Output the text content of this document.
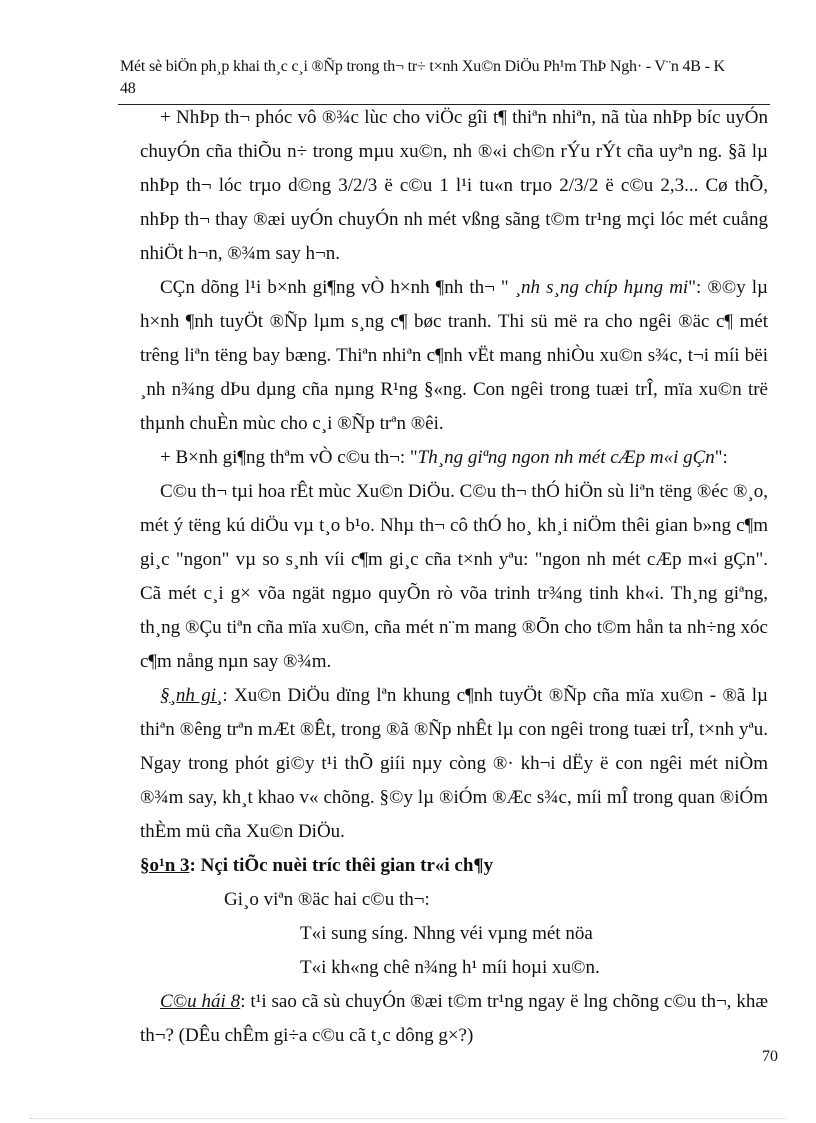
Mét sè biÖn ph¸p khai th¸c c¸i ®Ñp trong th¬ tr÷ t×nh Xu©n DiÖu Ph¹m ThÞ Ngh· - V¨n 4B - K
48

+ NhÞp th¬ phóc vô ®¾c lùc cho viÖc gîi t¶ thiªn nhiªn, nã tùa nhÞp bíc uyÓn chuyÓn cña thiÕu n÷ trong mµu xu©n, nh ®«i ch©n rÝu rÝt cña uyªn ng. §ã lµ nhÞp th¬ lóc trµo d©ng 3/2/3 ë c©u 1 l¹i tu«n trµo 2/3/2 ë c©u 2,3... Cø thÕ, nhÞp th¬ thay ®æi uyÓn chuyÓn nh mét vßng sãng t©m tr¹ng mçi lóc mét cuång nhiÖt h¬n, ®¾m say h¬n.

CÇn dõng l¹i b×nh gi¶ng vÒ h×nh ¶nh th¬ " ¸nh s¸ng chíp hµng mi": ®©y lµ h×nh ¶nh tuyÖt ®Ñp lµm s¸ng c¶ bøc tranh. Thi sü më ra cho ngêi ®äc c¶ mét trêng liªn tëng bay bæng. Thiªn nhiªn c¶nh vËt mang nhiÒu xu©n s¾c, t¬i míi bëi ¸nh n¾ng dÞu dµng cña nµng R¹ng §«ng. Con ngêi trong tuæi trÎ, mïa xu©n trë thµnh chuÈn mùc cho c¸i ®Ñp trªn ®êi.

+ B×nh gi¶ng thªm vÒ c©u th¬: "Th¸ng giªng ngon nh mét cÆp m«i gÇn":

C©u th¬ tµi hoa rÊt mùc Xu©n DiÖu. C©u th¬ thÓ hiÖn sù liªn tëng ®éc ®¸o, mét ý tëng kú diÖu vµ t¸o b¹o. Nhµ th¬ cô thÓ ho¸ kh¸i niÖm thêi gian b»ng c¶m gi¸c "ngon" vµ so s¸nh víi c¶m gi¸c cña t×nh yªu: "ngon nh mét cÆp m«i gÇn". Cã mét c¸i g× võa ngät ngµo quyÕn rò võa trinh tr¾ng tinh kh«i. Th¸ng giªng, th¸ng ®Çu tiªn cña mïa xu©n, cña mét n¨m mang ®Õn cho t©m hån ta nh÷ng xóc c¶m nång nµn say ®¾m.

§¸nh gi¸: Xu©n DiÖu dïng lªn khung c¶nh tuyÖt ®Ñp cña mïa xu©n - ®ã lµ thiªn ®êng trªn mÆt ®Êt, trong ®ã ®Ñp nhÊt lµ con ngêi trong tuæi trÎ, t×nh yªu. Ngay trong phót gi©y t¹i thÕ giíi nµy còng ®· kh¬i dËy ë con ngêi mét niÒm ®¾m say, kh¸t khao v« chõng. §©y lµ ®iÓm ®Æc s¾c, míi mÎ trong quan ®iÓm thÈm mü cña Xu©n DiÖu.

§o¹n 3: Nçi tiÕc nuèi tríc thêi gian tr«i ch¶y

Gi¸o viªn ®äc hai c©u th¬:

T«i sung síng. Nhng véi vµng mét nöa

T«i kh«ng chê n¾ng h¹ míi hoµi xu©n.

C©u hái 8: t¹i sao cã sù chuyÓn ®æi t©m tr¹ng ngay ë lng chõng c©u th¬, khæ th¬? (DÊu chÊm gi÷a c©u cã t¸c dông g×?)

70
